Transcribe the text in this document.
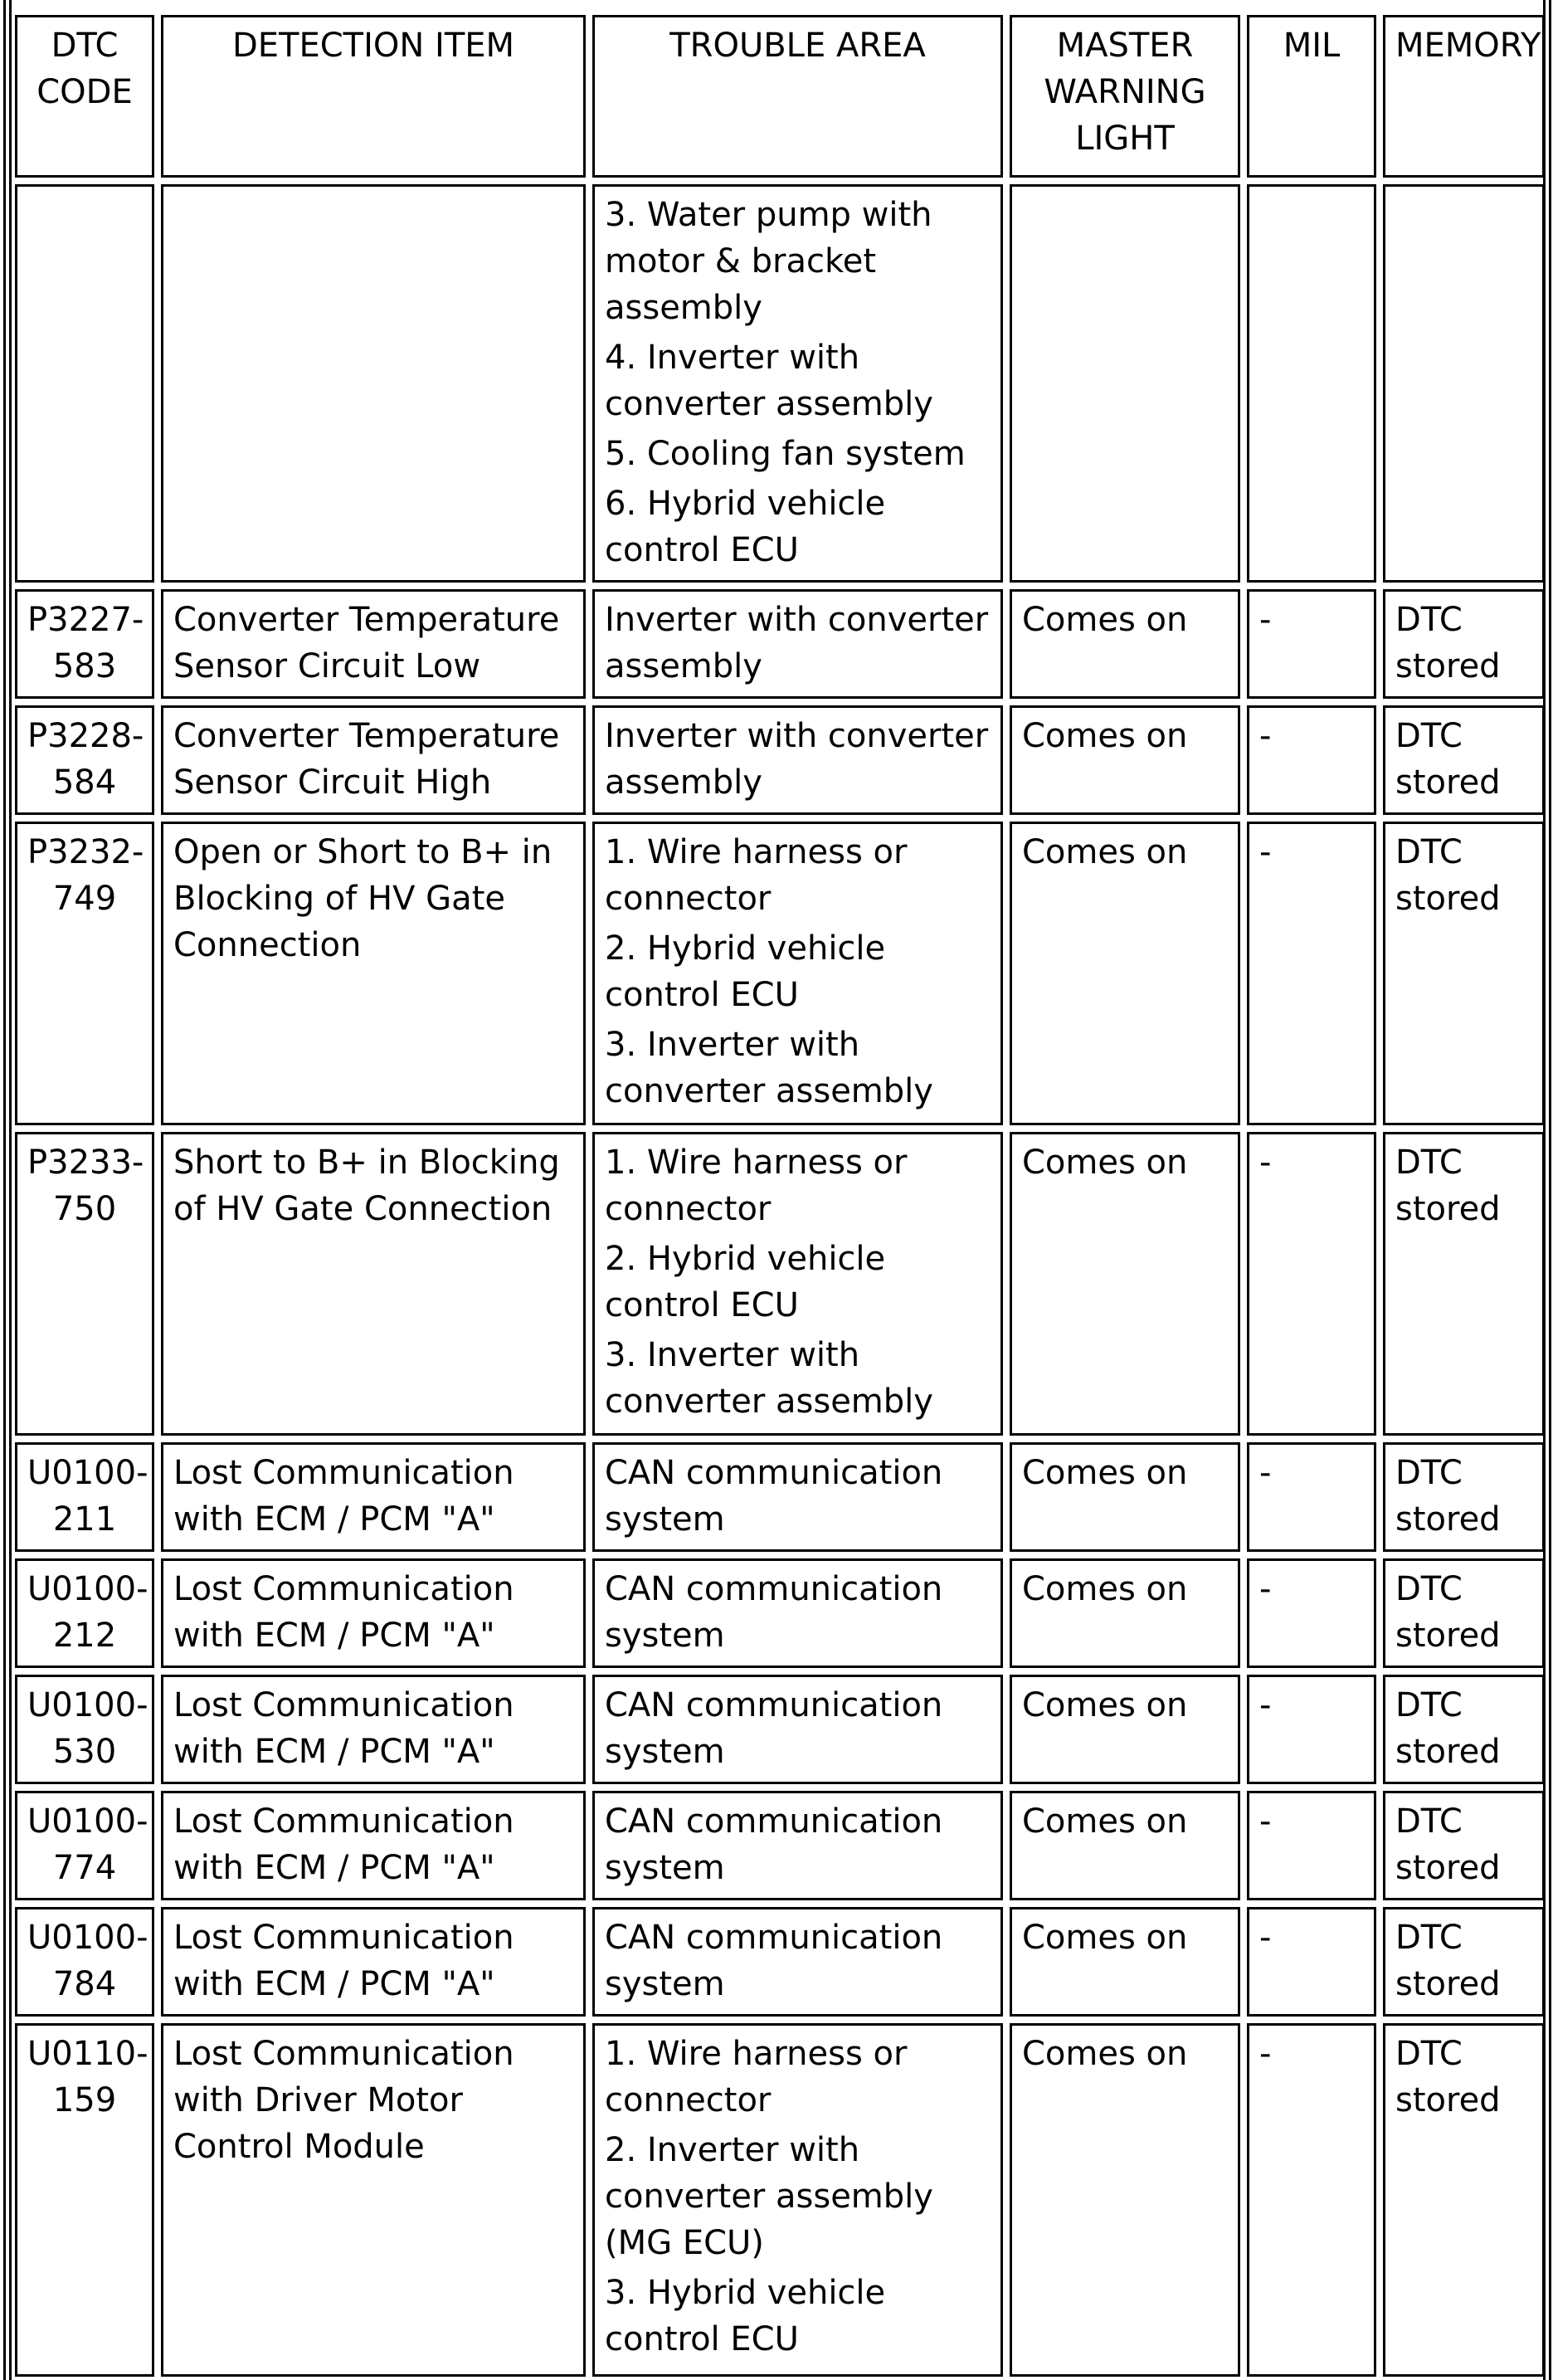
DTC CODE	DETECTION ITEM	TROUBLE AREA	MASTER WARNING LIGHT	MIL	MEMORY

		3. Water pump with motor & bracket assembly
4. Inverter with converter assembly
5. Cooling fan system
6. Hybrid vehicle control ECU			

P3227-583	Converter Temperature Sensor Circuit Low	Inverter with converter assembly	Comes on	-	DTC stored
P3228-584	Converter Temperature Sensor Circuit High	Inverter with converter assembly	Comes on	-	DTC stored
P3232-749	Open or Short to B+ in Blocking of HV Gate Connection	1. Wire harness or connector
2. Hybrid vehicle control ECU
3. Inverter with converter assembly	Comes on	-	DTC stored
P3233-750	Short to B+ in Blocking of HV Gate Connection	1. Wire harness or connector
2. Hybrid vehicle control ECU
3. Inverter with converter assembly	Comes on	-	DTC stored
U0100-211	Lost Communication with ECM / PCM "A"	CAN communication system	Comes on	-	DTC stored
U0100-212	Lost Communication with ECM / PCM "A"	CAN communication system	Comes on	-	DTC stored
U0100-530	Lost Communication with ECM / PCM "A"	CAN communication system	Comes on	-	DTC stored
U0100-774	Lost Communication with ECM / PCM "A"	CAN communication system	Comes on	-	DTC stored
U0100-784	Lost Communication with ECM / PCM "A"	CAN communication system	Comes on	-	DTC stored
U0110-159	Lost Communication with Driver Motor Control Module	1. Wire harness or connector
2. Inverter with converter assembly (MG ECU)
3. Hybrid vehicle control ECU	Comes on	-	DTC stored
